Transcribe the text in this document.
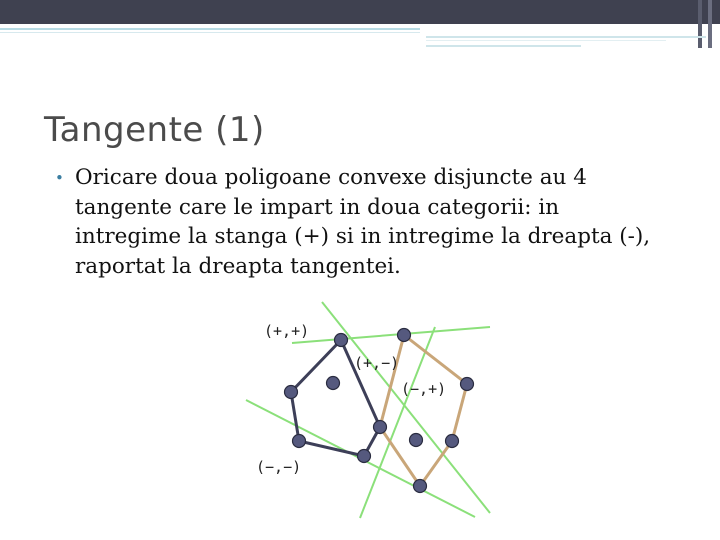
Tangente (1)
• Oricare doua poligoane convexe disjuncte au 4 tangente care le impart in doua categorii: in intregime la stanga (+) si in intregime la dreapta (-), raportat la dreapta tangentei.

(+,+)
(+,−)
(−,+)
(−,−)
